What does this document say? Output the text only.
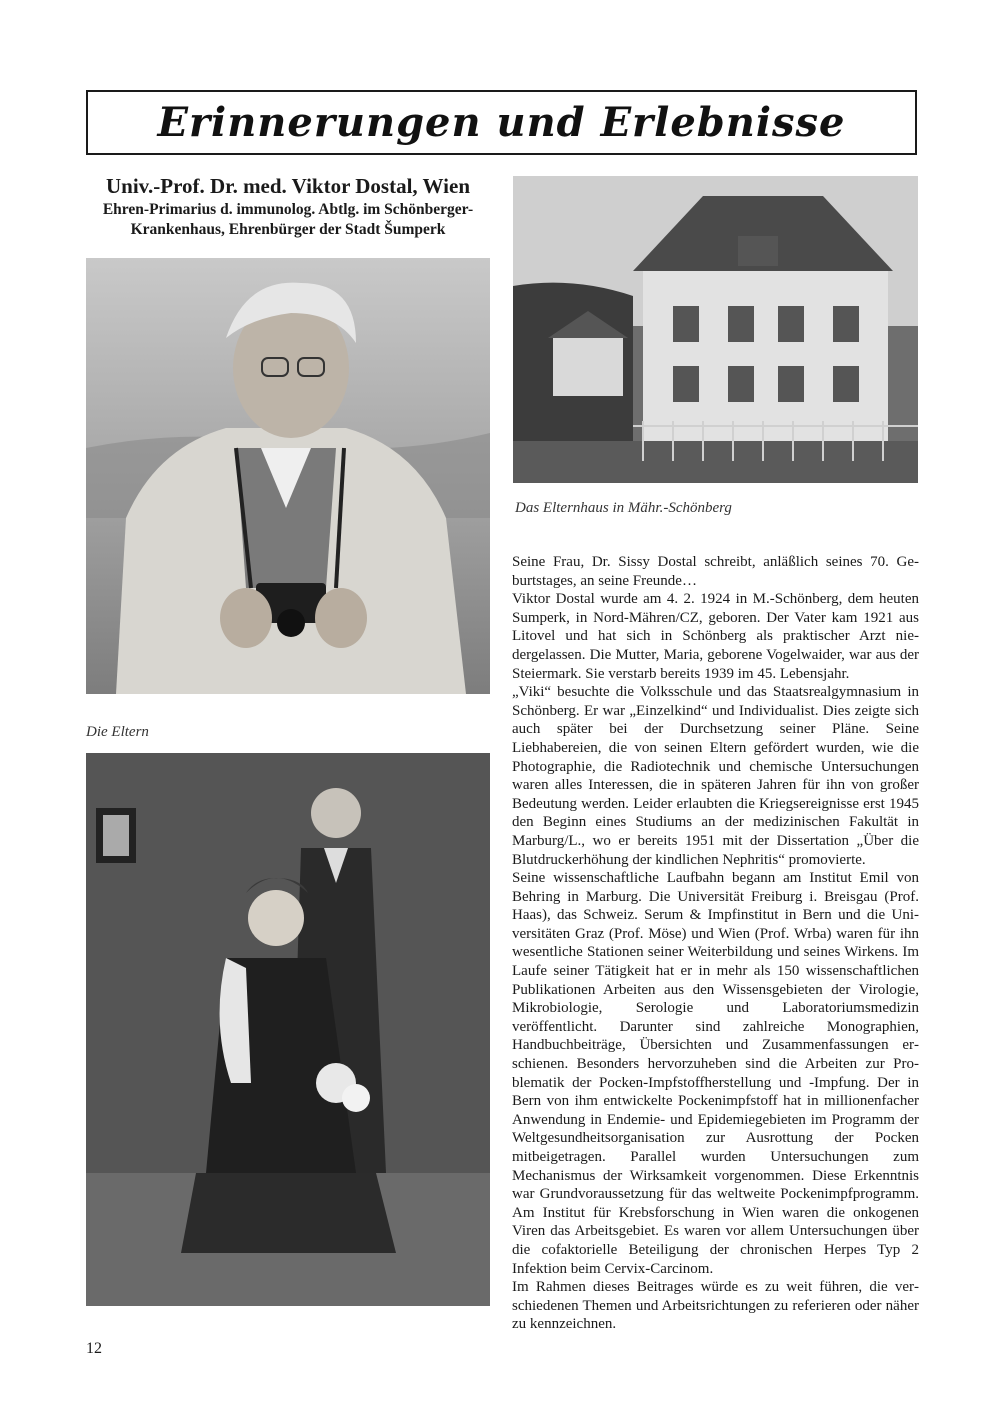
Erinnerungen und Erlebnisse
Univ.-Prof. Dr. med. Viktor Dostal, Wien
Ehren-Primarius d. immunolog. Abtlg. im Schönberger-
Krankenhaus, Ehrenbürger der Stadt Šumperk
Das Elternhaus in Mähr.-Schönberg
Die Eltern

Seine Frau, Dr. Sissy Dostal schreibt, anläßlich seines 70. Geburtstages, an seine Freunde…

Viktor Dostal wurde am 4. 2. 1924 in M.-Schönberg, dem heuten Sumperk, in Nord-Mähren/CZ, geboren. Der Vater kam 1921 aus Litovel und hat sich in Schönberg als praktischer Arzt niedergelassen. Die Mutter, Maria, geborene Vogelwaider, war aus der Steiermark. Sie verstarb bereits 1939 im 45. Lebensjahr.

„Viki“ besuchte die Volksschule und das Staatsrealgymnasium in Schönberg. Er war „Einzelkind“ und Individualist. Dies zeigte sich auch später bei der Durchsetzung seiner Pläne. Seine Liebhabereien, die von seinen Eltern gefördert wurden, wie die Photographie, die Radiotechnik und chemische Untersuchungen waren alles Interessen, die in späteren Jahren für ihn von großer Bedeutung werden. Leider erlaubten die Kriegsereignisse erst 1945 den Beginn eines Studiums an der medizinischen Fakultät in Marburg/L., wo er bereits 1951 mit der Dissertation „Über die Blutdruckerhöhung der kindlichen Nephritis“ promovierte.

Seine wissenschaftliche Laufbahn begann am Institut Emil von Behring in Marburg. Die Universität Freiburg i. Breisgau (Prof. Haas), das Schweiz. Serum & Impfinstitut in Bern und die Universitäten Graz (Prof. Möse) und Wien (Prof. Wrba) waren für ihn wesentliche Stationen seiner Weiterbildung und seines Wirkens. Im Laufe seiner Tätigkeit hat er in mehr als 150 wissenschaftlichen Publikationen Arbeiten aus den Wissensgebieten der Virologie, Mikrobiologie, Serologie und Laboratoriumsmedizin veröffentlicht. Darunter sind zahlreiche Monographien, Handbuchbeiträge, Übersichten und Zusammenfassungen erschienen. Besonders hervorzuheben sind die Arbeiten zur Problematik der Pocken-Impfstoffherstellung und -Impfung. Der in Bern von ihm entwickelte Pockenimpfstoff hat in millionenfacher Anwendung in Endemie- und Epidemiegebieten im Programm der Weltgesundheitsorganisation zur Ausrottung der Pocken mitbeigetragen. Parallel wurden Untersuchungen zum Mechanismus der Wirksamkeit vorgenommen. Diese Erkenntnis war Grundvoraussetzung für das weltweite Pockenimpfprogramm. Am Institut für Krebsforschung in Wien waren die onkogenen Viren das Arbeitsgebiet. Es waren vor allem Untersuchungen über die cofaktorielle Beteiligung der chronischen Herpes Typ 2 Infektion beim Cervix-Carcinom.

Im Rahmen dieses Beitrages würde es zu weit führen, die verschiedenen Themen und Arbeitsrichtungen zu referieren oder näher zu kennzeichnen.

12
